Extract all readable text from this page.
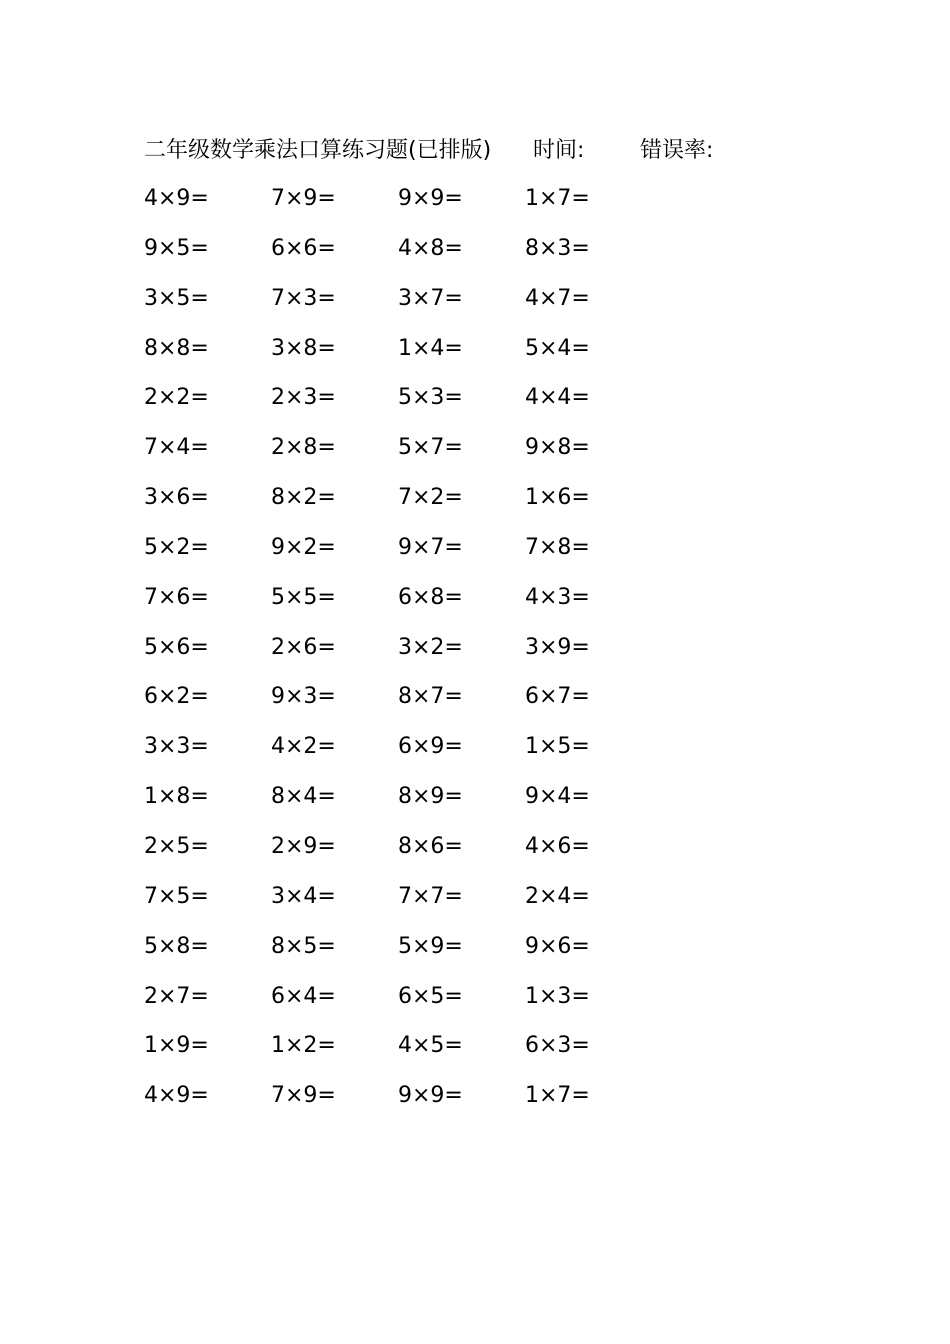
二年级数学乘法口算练习题(已排版) 时间:	错误率:
4×9=	7×9=	9×9=	1×7=
9×5=	6×6=	4×8=	8×3=
3×5=	7×3=	3×7=	4×7=
8×8=	3×8=	1×4=	5×4=
2×2=	2×3=	5×3=	4×4=
7×4=	2×8=	5×7=	9×8=
3×6=	8×2=	7×2=	1×6=
5×2=	9×2=	9×7=	7×8=
7×6=	5×5=	6×8=	4×3=
5×6=	2×6=	3×2=	3×9=
6×2=	9×3=	8×7=	6×7=
3×3=	4×2=	6×9=	1×5=
1×8=	8×4=	8×9=	9×4=
2×5=	2×9=	8×6=	4×6=
7×5=	3×4=	7×7=	2×4=
5×8=	8×5=	5×9=	9×6=
2×7=	6×4=	6×5=	1×3=
1×9=	1×2=	4×5=	6×3=
4×9=	7×9=	9×9=	1×7=
